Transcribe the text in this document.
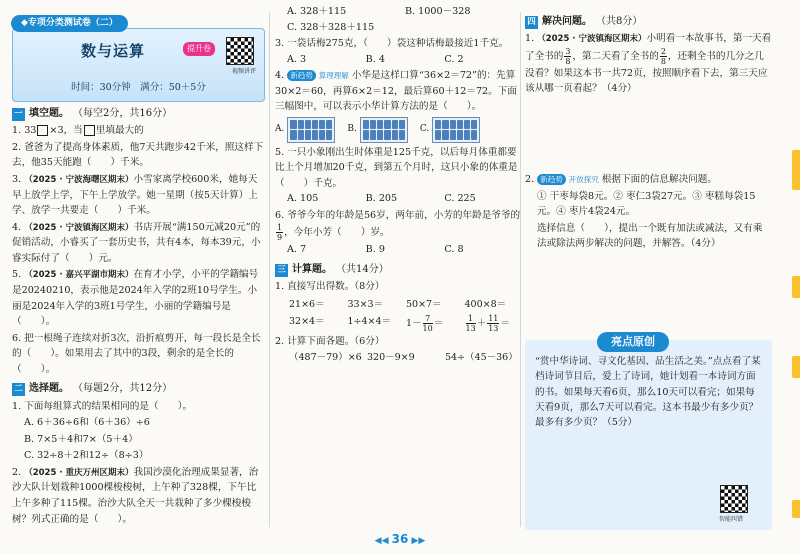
◆专项分类测试卷（二）
数与运算	提升卷
视频讲评
时间：30分钟　满分：50＋5分
一 填空题。 （每空2分，共16分）
1. 33 ×3，当 里填最大的
2. 爸爸为了提高身体素质，他7天共跑步42千米，照这样下去，他35天能跑（　　）千米。
3. （2025 · 宁波海曙区期末）小雪家离学校600米，她每天早上放学上学，下午上学放学。她一星期（按5天计算）上学、放学一共要走（　　）千米。
4. （2025 · 宁波镇海区期末）书店开展“满150元减20元”的促销活动，小睿买了一套历史书，共有4本，每本39元，小睿实际付了（　　）元。
5. （2025 · 嘉兴平湖市期末）在育才小学，小平的学籍编号是20240210，表示他是2024年入学的2班10号学生。小丽是2024年入学的3班1号学生，小丽的学籍编号是（　　）。
6. 把一根绳子连续对折3次，沿折痕剪开，每一段长是全长的（　　）。如果用去了其中的3段，剩余的是全长的（　　）。
二 选择题。 （每题2分，共12分）
1. 下面每组算式的结果相同的是（　　）。
A. 6＋36÷6和（6＋36）÷6
B. 7×5＋4和7×（5＋4）
C. 32÷8＋2和12÷（8÷3）
2. （2025 · 重庆万州区期末）我国沙漠化治理成果显著，治沙大队计划栽种1000棵梭梭树，上午种了328棵，下午比上午多种了115棵。治沙大队全天一共栽种了多少棵梭梭树？列式正确的是（　　）。
A. 328＋115	B. 1000－328
C. 328＋328＋115
3. 一袋话梅275克，（　　）袋这种话梅最接近1千克。
A. 3	B. 4	C. 2
4. 新趋势 算理理解 小华是这样口算“36×2＝72”的：先算30×2＝60，再算6×2＝12，最后算60＋12＝72。下面三幅图中，可以表示小华计算方法的是（　　）。
A.	B.	C.
5. 一只小象刚出生时体重是125千克，以后每月体重都要比上个月增加20千克，到第五个月时，这只小象的体重是（　　）千克。
A. 105	B. 205	C. 225
6. 爷爷今年的年龄是56岁，两年前，小芳的年龄是爷爷的
$\frac{1}{9}$ ，今年小芳（　　）岁。
A. 7	B. 9	C. 8
三 计算题。 （共14分）
1. 直接写出得数。（8分）
21×6＝	33×3＝	50×7＝	400×8＝
32×4＝	1÷4×4＝	$1- \frac{7}{10}$ ＝	$\frac{1}{13} + \frac{11}{13}$ ＝
2. 计算下面各题。（6分）
（487－79）×6 320－9×9	54÷（45－36）
四 解决问题。 （共8分）
1. （2025 · 宁波镇海区期末）小明看一本故事书，第一天看了全书的 $\frac{3}{8}$ ，第二天看了全书的 $\frac{2}{8}$ ，还剩全书的几分之几没看？如果这本书一共72页，按照顺序看下去，第三天应该从哪一页看起？（4分）
2. 新趋势 开放探究 根据下面的信息解决问题。
① 干枣每袋8元。② 枣仁3袋27元。③ 枣糕每袋15元。④ 枣片4袋24元。
选择信息（　　），提出一个既有加法或减法，又有乘法或除法两步解决的问题，并解答。（4分）
亮点原创
“赏中华诗词、寻文化基因、品生活之美。”点点看了某档诗词节目后，爱上了诗词，她计划看一本诗词方面的书。如果每天看6页，那么10天可以看完；如果每天看9页，那么7天可以看完。这本书最少有多少页？最多有多少页？（5分）
智能纠错
◀◀ 36 ▶▶
